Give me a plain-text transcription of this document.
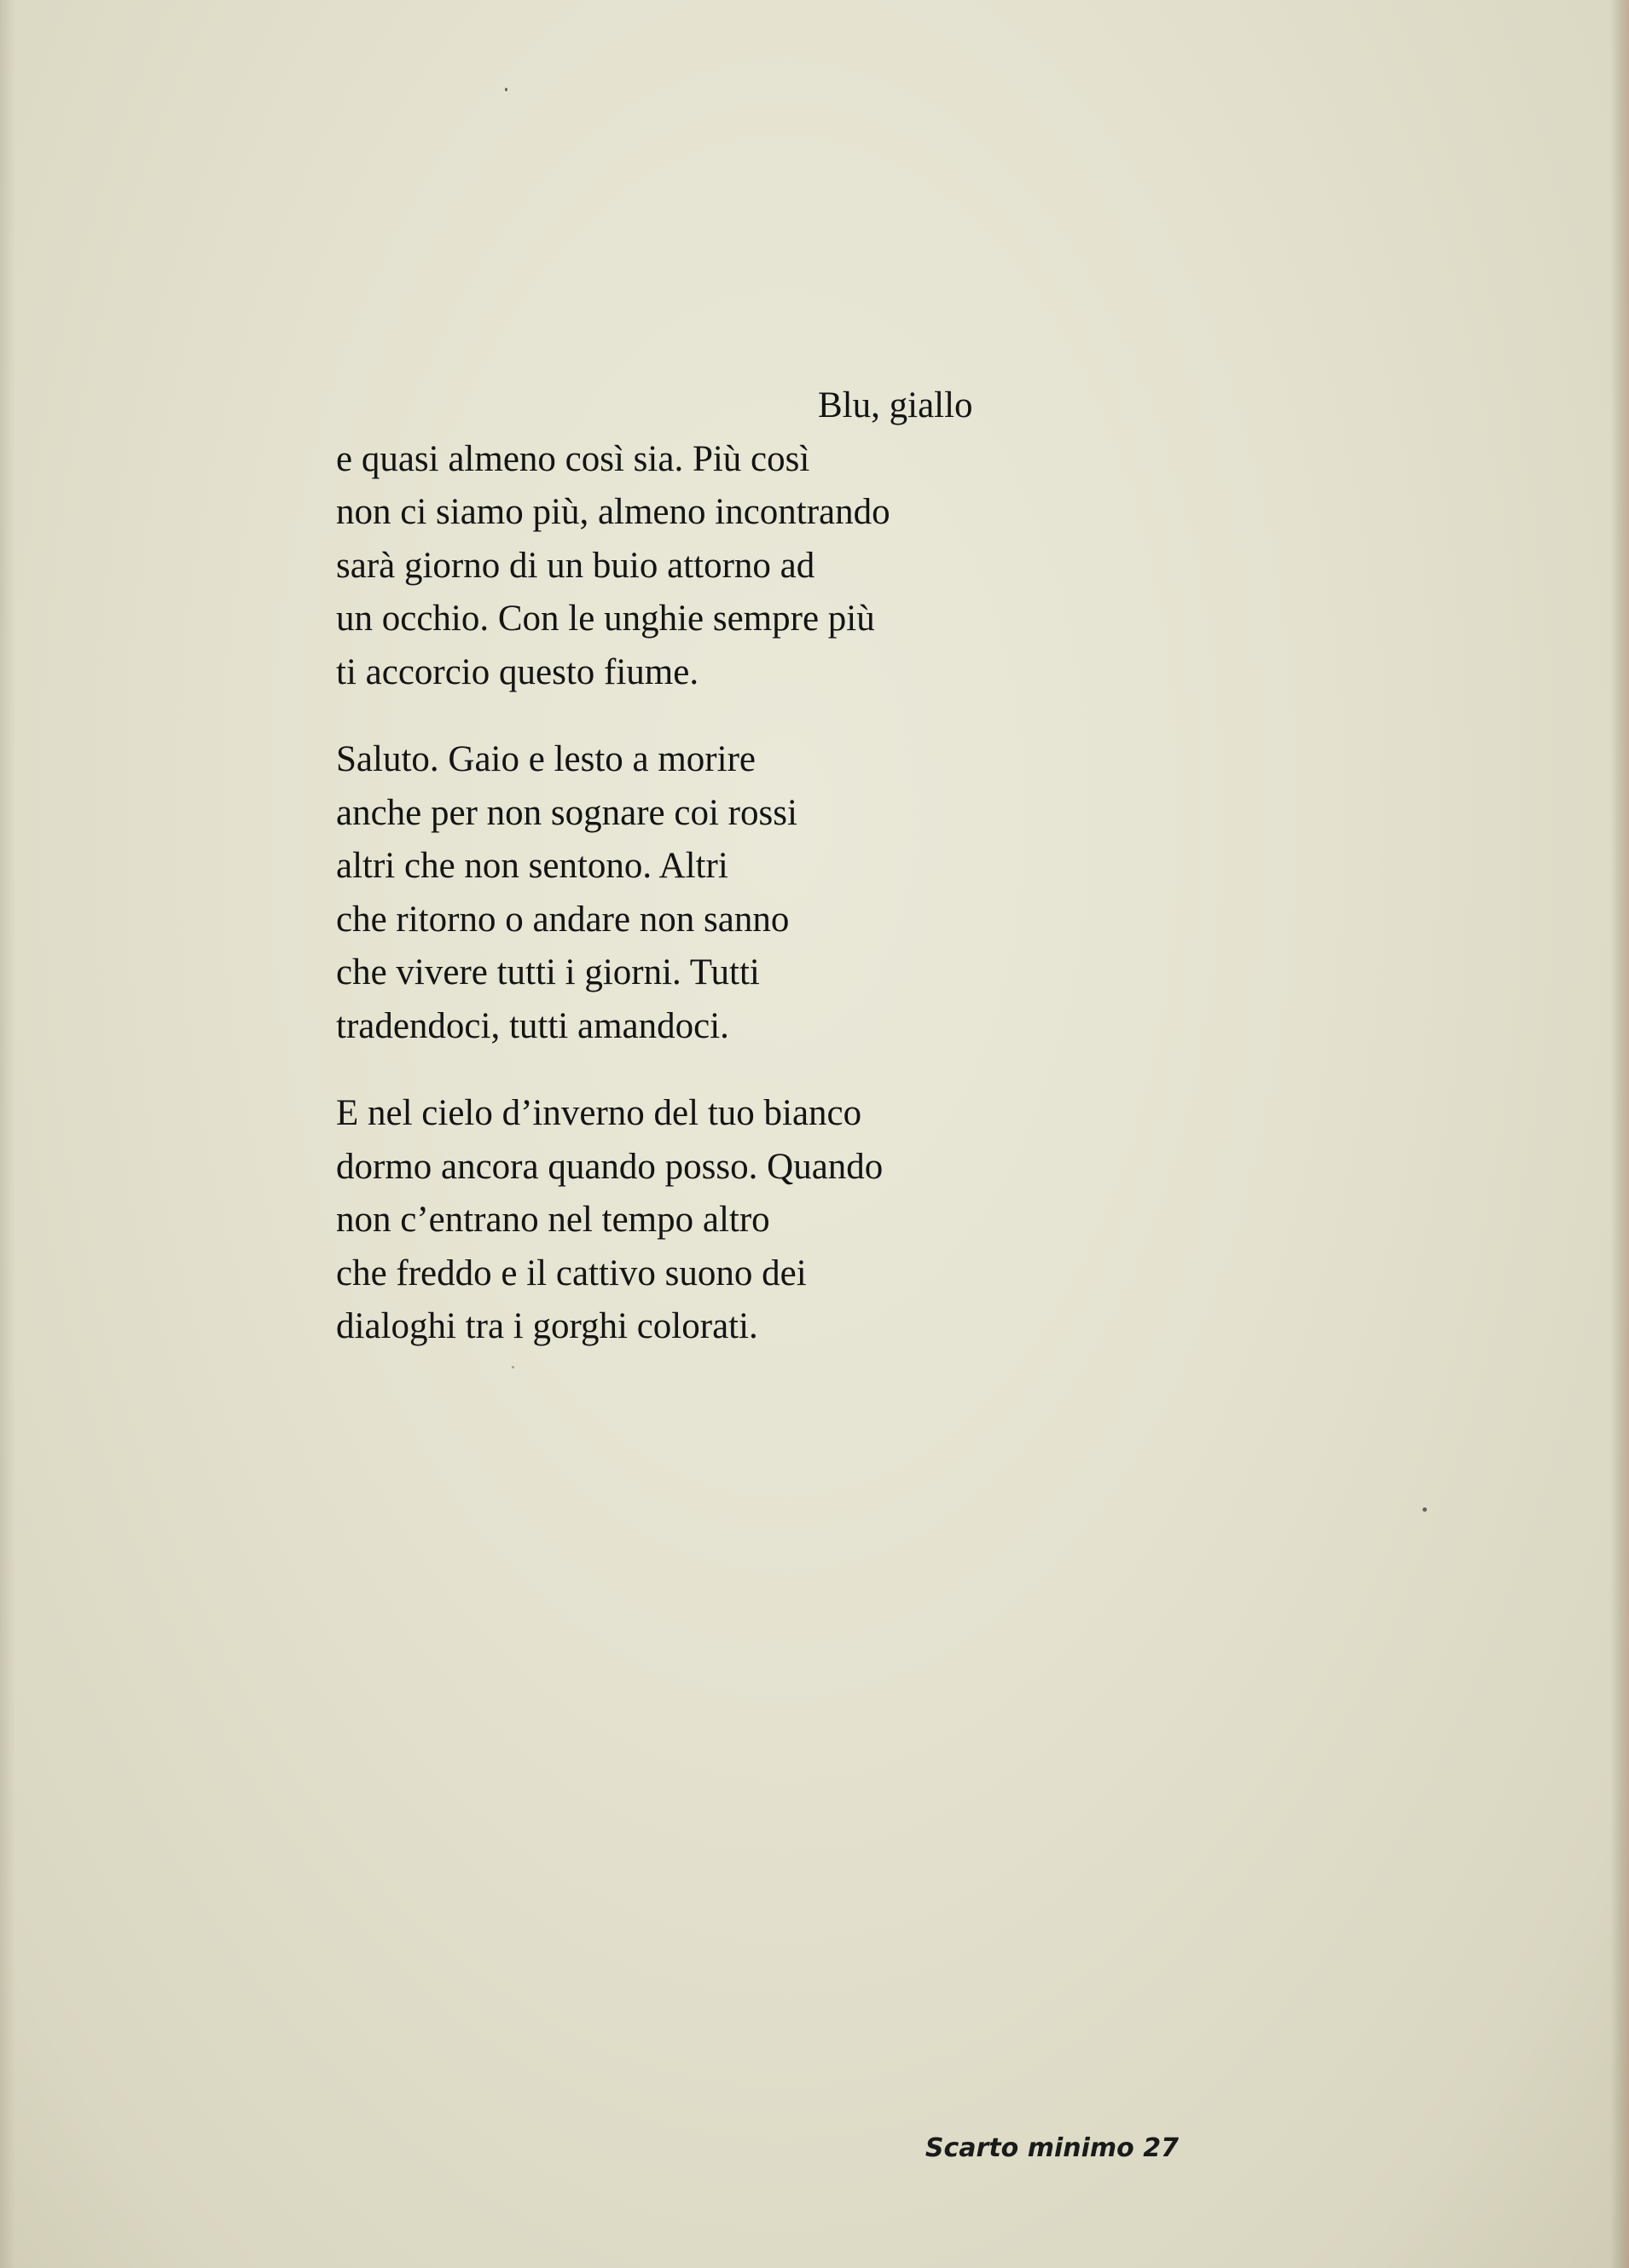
Blu, giallo
e quasi almeno così sia. Più così
non ci siamo più, almeno incontrando
sarà giorno di un buio attorno ad
un occhio. Con le unghie sempre più
ti accorcio questo fiume.
Saluto. Gaio e lesto a morire
anche per non sognare coi rossi
altri che non sentono. Altri
che ritorno o andare non sanno
che vivere tutti i giorni. Tutti
tradendoci, tutti amandoci.
E nel cielo d’inverno del tuo bianco
dormo ancora quando posso. Quando
non c’entrano nel tempo altro
che freddo e il cattivo suono dei
dialoghi tra i gorghi colorati.
Scarto minimo 27
